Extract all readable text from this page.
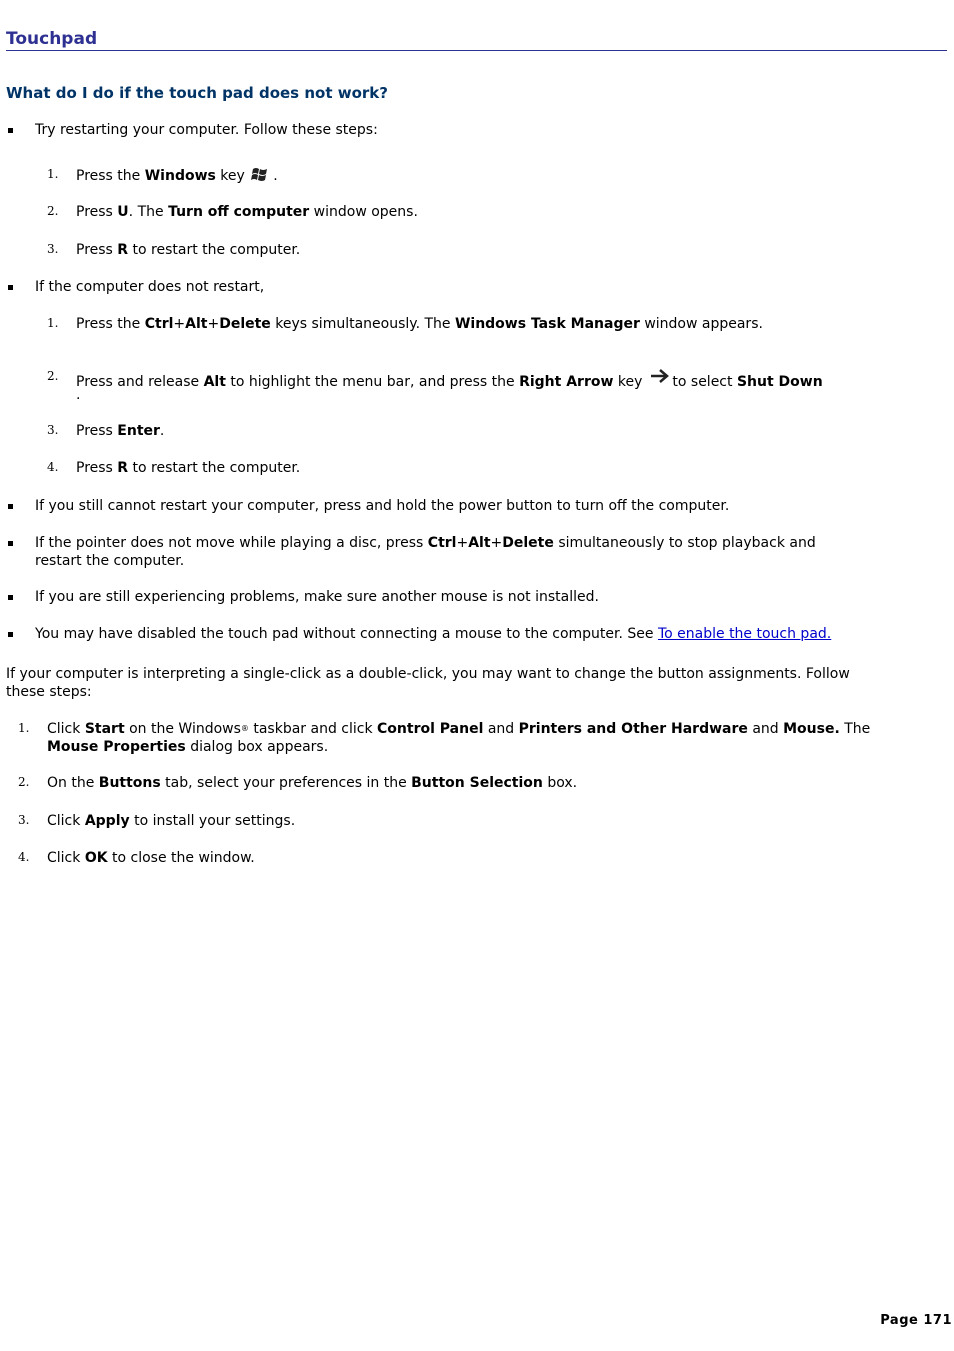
Touchpad
What do I do if the touch pad does not work?
Try restarting your computer. Follow these steps:
1. Press the Windows key .
2. Press U. The Turn off computer window opens.
3. Press R to restart the computer.
If the computer does not restart,
1. Press the Ctrl+Alt+Delete keys simultaneously. The Windows Task Manager window appears.
2. Press and release Alt to highlight the menu bar, and press the Right Arrow key to select Shut Down
.
3. Press Enter.
4. Press R to restart the computer.
If you still cannot restart your computer, press and hold the power button to turn off the computer.
If the pointer does not move while playing a disc, press Ctrl+Alt+Delete simultaneously to stop playback and
restart the computer.
If you are still experiencing problems, make sure another mouse is not installed.
You may have disabled the touch pad without connecting a mouse to the computer. See To enable the touch pad.
If your computer is interpreting a single-click as a double-click, you may want to change the button assignments. Follow
these steps:
1. Click Start on the Windows® taskbar and click Control Panel and Printers and Other Hardware and Mouse. The
Mouse Properties dialog box appears.
2. On the Buttons tab, select your preferences in the Button Selection box.
3. Click Apply to install your settings.
4. Click OK to close the window.
Page 171
